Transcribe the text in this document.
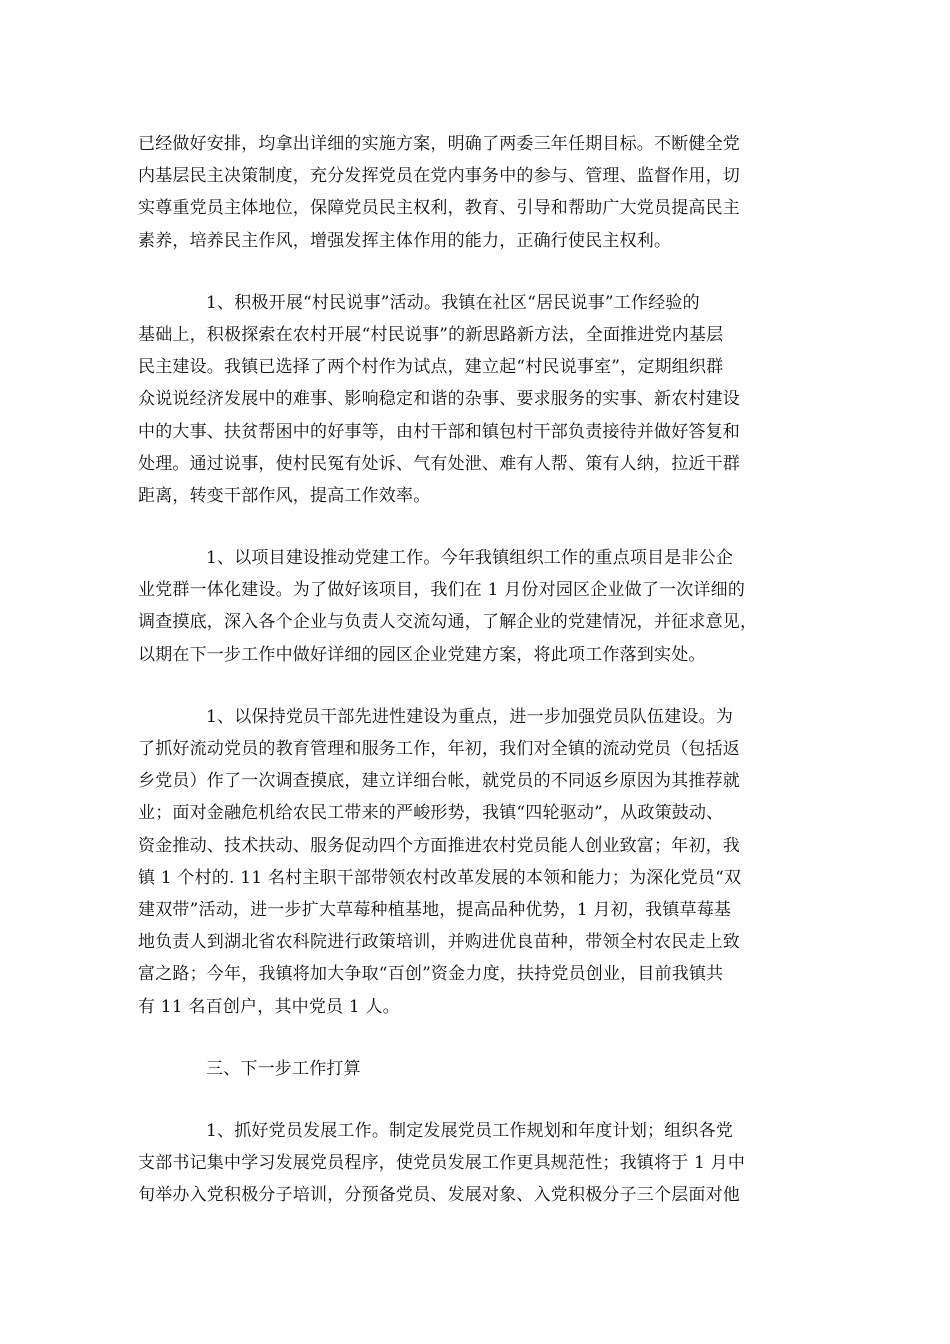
已经做好安排，均拿出详细的实施方案，明确了两委三年任期目标。不断健全党
内基层民主决策制度，充分发挥党员在党内事务中的参与、管理、监督作用，切
实尊重党员主体地位，保障党员民主权利，教育、引导和帮助广大党员提高民主
素养，培养民主作风，增强发挥主体作用的能力，正确行使民主权利。
1、积极开展“村民说事”活动。我镇在社区“居民说事”工作经验的
基础上，积极探索在农村开展“村民说事”的新思路新方法，全面推进党内基层
民主建设。我镇已选择了两个村作为试点，建立起“村民说事室”，定期组织群
众说说经济发展中的难事、影响稳定和谐的杂事、要求服务的实事、新农村建设
中的大事、扶贫帮困中的好事等，由村干部和镇包村干部负责接待并做好答复和
处理。通过说事，使村民冤有处诉、气有处泄、难有人帮、策有人纳，拉近干群
距离，转变干部作风，提高工作效率。
1、以项目建设推动党建工作。今年我镇组织工作的重点项目是非公企
业党群一体化建设。为了做好该项目，我们在 1 月份对园区企业做了一次详细的
调查摸底，深入各个企业与负责人交流勾通，了解企业的党建情况，并征求意见，
以期在下一步工作中做好详细的园区企业党建方案，将此项工作落到实处。
1、以保持党员干部先进性建设为重点，进一步加强党员队伍建设。为
了抓好流动党员的教育管理和服务工作，年初，我们对全镇的流动党员（包括返
乡党员）作了一次调查摸底，建立详细台帐，就党员的不同返乡原因为其推荐就
业；面对金融危机给农民工带来的严峻形势，我镇“四轮驱动”，从政策鼓动、
资金推动、技术扶动、服务促动四个方面推进农村党员能人创业致富；年初，我
镇 1 个村的. 11 名村主职干部带领农村改革发展的本领和能力；为深化党员“双
建双带”活动，进一步扩大草莓种植基地，提高品种优势，1 月初，我镇草莓基
地负责人到湖北省农科院进行政策培训，并购进优良苗种，带领全村农民走上致
富之路；今年，我镇将加大争取“百创”资金力度，扶持党员创业，目前我镇共
有 11 名百创户，其中党员 1 人。
三、下一步工作打算
1、抓好党员发展工作。制定发展党员工作规划和年度计划；组织各党
支部书记集中学习发展党员程序，使党员发展工作更具规范性；我镇将于 1 月中
旬举办入党积极分子培训，分预备党员、发展对象、入党积极分子三个层面对他
